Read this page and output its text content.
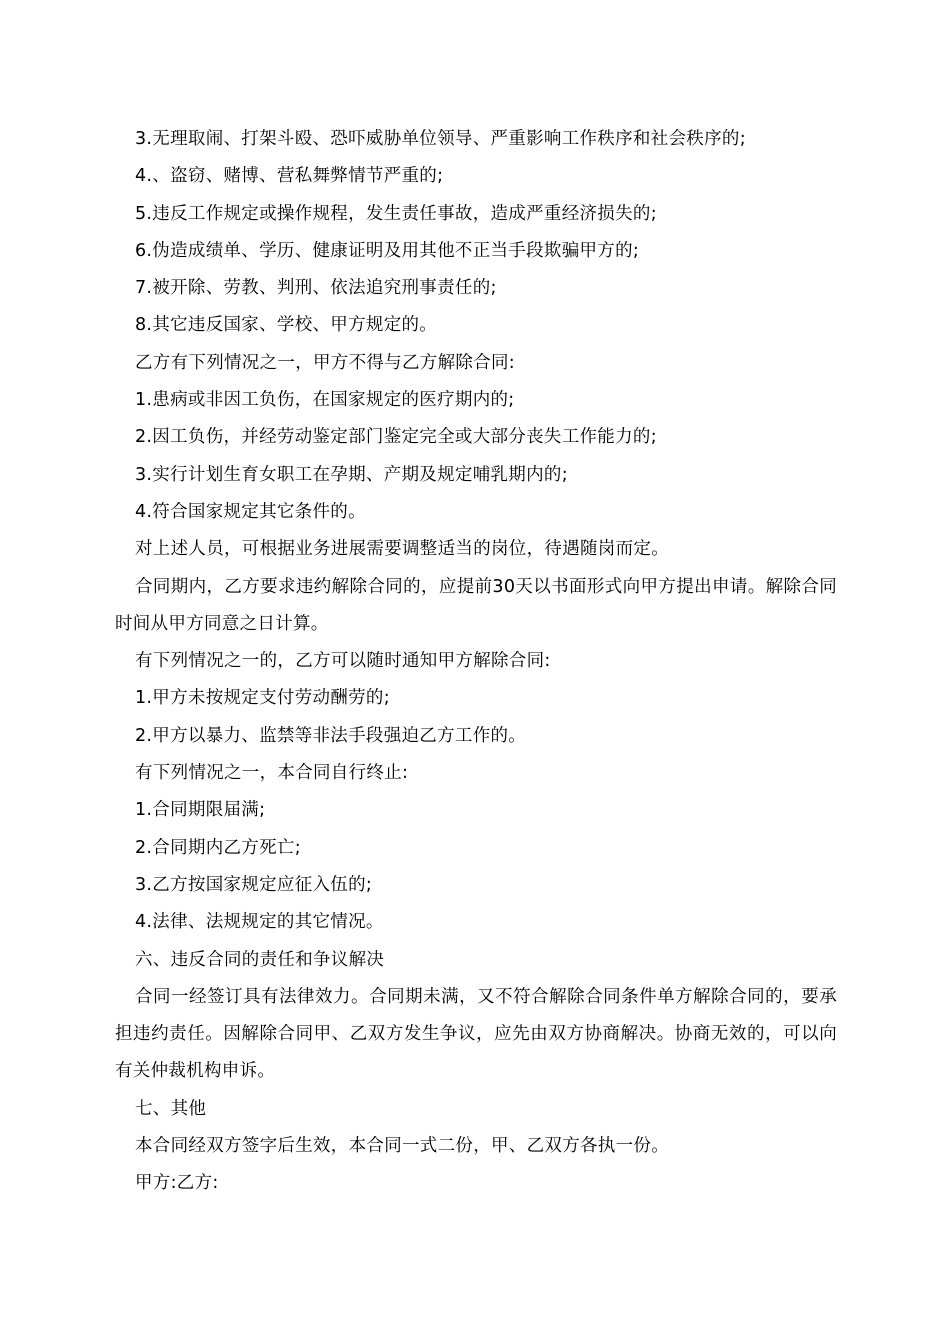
3.无理取闹、打架斗殴、恐吓威胁单位领导、严重影响工作秩序和社会秩序的;

4.、盗窃、赌博、营私舞弊情节严重的;

5.违反工作规定或操作规程，发生责任事故，造成严重经济损失的;

6.伪造成绩单、学历、健康证明及用其他不正当手段欺骗甲方的;

7.被开除、劳教、判刑、依法追究刑事责任的;

8.其它违反国家、学校、甲方规定的。

乙方有下列情况之一，甲方不得与乙方解除合同:

1.患病或非因工负伤，在国家规定的医疗期内的;

2.因工负伤，并经劳动鉴定部门鉴定完全或大部分丧失工作能力的;

3.实行计划生育女职工在孕期、产期及规定哺乳期内的;

4.符合国家规定其它条件的。

对上述人员，可根据业务进展需要调整适当的岗位，待遇随岗而定。

合同期内，乙方要求违约解除合同的，应提前30天以书面形式向甲方提出申请。解除合同时间从甲方同意之日计算。

有下列情况之一的，乙方可以随时通知甲方解除合同:

1.甲方未按规定支付劳动酬劳的;

2.甲方以暴力、监禁等非法手段强迫乙方工作的。

有下列情况之一，本合同自行终止:

1.合同期限届满;

2.合同期内乙方死亡;

3.乙方按国家规定应征入伍的;

4.法律、法规规定的其它情况。

六、违反合同的责任和争议解决

合同一经签订具有法律效力。合同期未满，又不符合解除合同条件单方解除合同的，要承担违约责任。因解除合同甲、乙双方发生争议，应先由双方协商解决。协商无效的，可以向有关仲裁机构申诉。

七、其他

本合同经双方签字后生效，本合同一式二份，甲、乙双方各执一份。

甲方:乙方:
